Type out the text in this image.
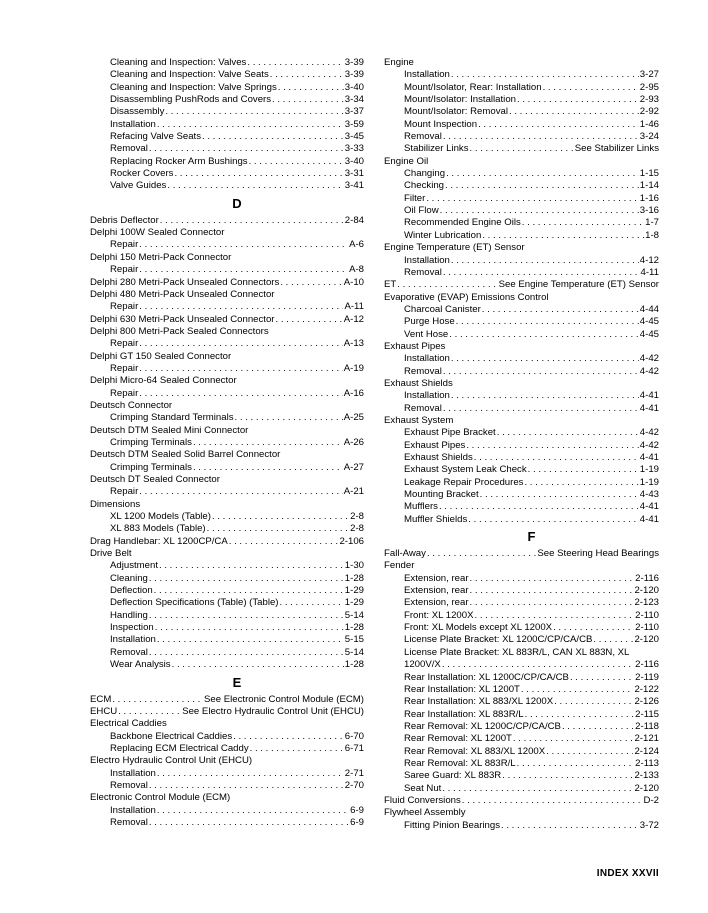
Cleaning and Inspection: Valves . . .	3-39
Cleaning and Inspection: Valve Seats . . .	3-39
Cleaning and Inspection: Valve Springs . . .	3-40
Disassembling PushRods and Covers . . .	3-34
Disassembly . . .	3-37
Installation . . .	3-59
Refacing Valve Seats . . .	3-45
Removal . . .	3-33
Replacing Rocker Arm Bushings . . .	3-40
Rocker Covers . . .	3-31
Valve Guides . . .	3-41
D
Debris Deflector . . .	2-84
Delphi 100W Sealed Connector
Repair . . .	A-6
Delphi 150 Metri-Pack Connector
Repair . . .	A-8
Delphi 280 Metri-Pack Unsealed Connectors . . .	A-10
Delphi 480 Metri-Pack Unsealed Connector
Repair . . .	A-11
Delphi 630 Metri-Pack Unsealed Connector . . .	A-12
Delphi 800 Metri-Pack Sealed Connectors
Repair . . .	A-13
Delphi GT 150 Sealed Connector
Repair . . .	A-19
Delphi Micro-64 Sealed Connector
Repair . . .	A-16
Deutsch Connector
Crimping Standard Terminals . . .	A-25
Deutsch DTM Sealed Mini Connector
Crimping Terminals . . .	A-26
Deutsch DTM Sealed Solid Barrel Connector
Crimping Terminals . . .	A-27
Deutsch DT Sealed Connector
Repair . . .	A-21
Dimensions
XL 1200 Models (Table) . . .	2-8
XL 883 Models (Table) . . .	2-8
Drag Handlebar: XL 1200CP/CA . . .	2-106
Drive Belt
Adjustment . . .	1-30
Cleaning . . .	1-28
Deflection . . .	1-29
Deflection Specifications (Table) (Table) . . .	1-29
Handling . . .	5-14
Inspection . . .	1-28
Installation . . .	5-15
Removal . . .	5-14
Wear Analysis . . .	1-28
E
ECM . . .	See Electronic Control Module (ECM)
EHCU . . .	See Electro Hydraulic Control Unit (EHCU)
Electrical Caddies
Backbone Electrical Caddies . . .	6-70
Replacing ECM Electrical Caddy . . .	6-71
Electro Hydraulic Control Unit (EHCU)
Installation . . .	2-71
Removal . . .	2-70
Electronic Control Module (ECM)
Installation . . .	6-9
Removal . . .	6-9
Engine
Installation . . .	3-27
Mount/Isolator, Rear: Installation . . .	2-95
Mount/Isolator: Installation . . .	2-93
Mount/Isolator: Removal . . .	2-92
Mount Inspection . . .	1-46
Removal . . .	3-24
Stabilizer Links . . .	See Stabilizer Links
Engine Oil
Changing . . .	1-15
Checking . . .	1-14
Filter . . .	1-16
Oil Flow . . .	3-16
Recommended Engine Oils . . .	1-7
Winter Lubrication . . .	1-8
Engine Temperature (ET) Sensor
Installation . . .	4-12
Removal . . .	4-11
ET . . .	See Engine Temperature (ET) Sensor
Evaporative (EVAP) Emissions Control
Charcoal Canister . . .	4-44
Purge Hose . . .	4-45
Vent Hose . . .	4-45
Exhaust Pipes
Installation . . .	4-42
Removal . . .	4-42
Exhaust Shields
Installation . . .	4-41
Removal . . .	4-41
Exhaust System
Exhaust Pipe Bracket . . .	4-42
Exhaust Pipes . . .	4-42
Exhaust Shields . . .	4-41
Exhaust System Leak Check . . .	1-19
Leakage Repair Procedures . . .	1-19
Mounting Bracket . . .	4-43
Mufflers . . .	4-41
Muffler Shields . . .	4-41
F
Fall-Away . . .	See Steering Head Bearings
Fender
Extension, rear . . .	2-116
Extension, rear . . .	2-120
Extension, rear . . .	2-123
Front: XL 1200X . . .	2-110
Front: XL Models except XL 1200X . . .	2-110
License Plate Bracket: XL 1200C/CP/CA/CB . . .	2-120
License Plate Bracket: XL 883R/L, CAN XL 883N, XL
1200V/X . . .	2-116
Rear Installation: XL 1200C/CP/CA/CB . . .	2-119
Rear Installation: XL 1200T . . .	2-122
Rear Installation: XL 883/XL 1200X . . .	2-126
Rear Installation: XL 883R/L . . .	2-115
Rear Removal: XL 1200C/CP/CA/CB . . .	2-118
Rear Removal: XL 1200T . . .	2-121
Rear Removal: XL 883/XL 1200X . . .	2-124
Rear Removal: XL 883R/L . . .	2-113
Saree Guard: XL 883R . . .	2-133
Seat Nut . . .	2-120
Fluid Conversions . . .	D-2
Flywheel Assembly
Fitting Pinion Bearings . . .	3-72
INDEX XXVII
